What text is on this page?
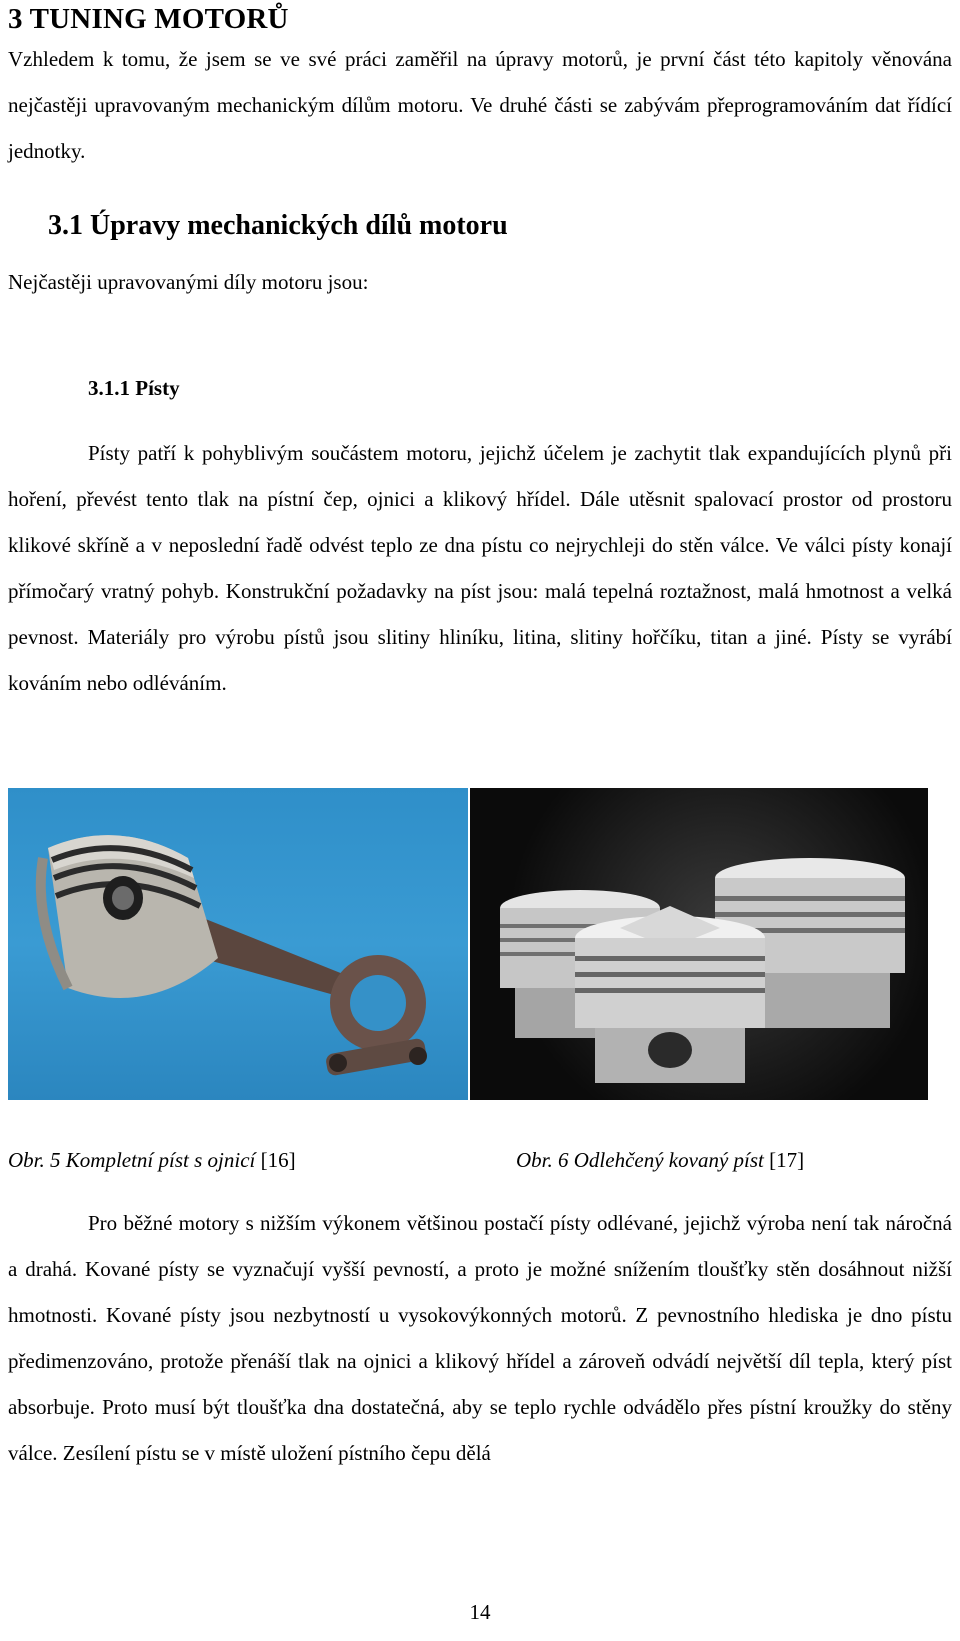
3 TUNING MOTORŮ
Vzhledem k tomu, že jsem se ve své práci zaměřil na úpravy motorů, je první část této kapitoly věnována nejčastěji upravovaným mechanickým dílům motoru. Ve druhé části se zabývám přeprogramováním dat řídící jednotky.
3.1 Úpravy mechanických dílů motoru
Nejčastěji upravovanými díly motoru jsou:
3.1.1 Písty
Písty patří k pohyblivým součástem motoru, jejichž účelem je zachytit tlak expandujících plynů při hoření, převést tento tlak na pístní čep, ojnici a klikový hřídel. Dále utěsnit spalovací prostor od prostoru klikové skříně a v neposlední řadě odvést teplo ze dna pístu co nejrychleji do stěn válce. Ve válci písty konají přímočarý vratný pohyb. Konstrukční požadavky na píst jsou: malá tepelná roztažnost, malá hmotnost a velká pevnost. Materiály pro výrobu pístů jsou slitiny hliníku, litina, slitiny hořčíku, titan a jiné. Písty se vyrábí kováním nebo odléváním.
Obr. 5 Kompletní píst s ojnicí [16]	Obr. 6 Odlehčený kovaný píst [17]
Pro běžné motory s nižším výkonem většinou postačí písty odlévané, jejichž výroba není tak náročná a drahá. Kované písty se vyznačují vyšší pevností, a proto je možné snížením tloušťky stěn dosáhnout nižší hmotnosti. Kované písty jsou nezbytností u vysokovýkonných motorů. Z pevnostního hlediska je dno pístu předimenzováno, protože přenáší tlak na ojnici a klikový hřídel a zároveň odvádí největší díl tepla, který píst absorbuje. Proto musí být tloušťka dna dostatečná, aby se teplo rychle odvádělo přes pístní kroužky do stěny válce. Zesílení pístu se v místě uložení pístního čepu dělá
14
